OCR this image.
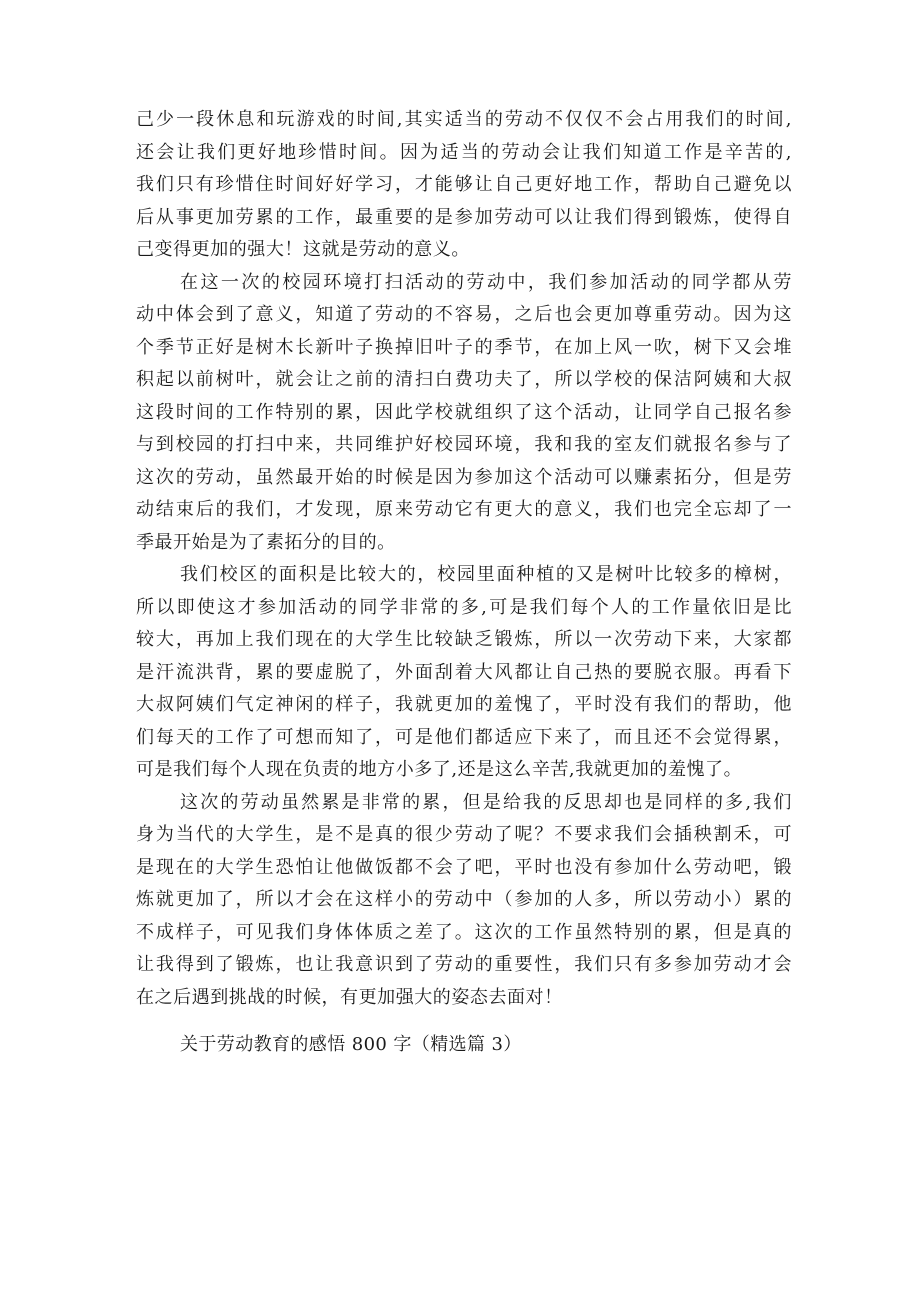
己少一段休息和玩游戏的时间,其实适当的劳动不仅仅不会占用我们的时间,
还会让我们更好地珍惜时间。因为适当的劳动会让我们知道工作是辛苦的,
我们只有珍惜住时间好好学习，才能够让自己更好地工作，帮助自己避免以
后从事更加劳累的工作，最重要的是参加劳动可以让我们得到锻炼，使得自
己变得更加的强大！这就是劳动的意义。
在这一次的校园环境打扫活动的劳动中，我们参加活动的同学都从劳
动中体会到了意义，知道了劳动的不容易，之后也会更加尊重劳动。因为这
个季节正好是树木长新叶子换掉旧叶子的季节，在加上风一吹，树下又会堆
积起以前树叶，就会让之前的清扫白费功夫了，所以学校的保洁阿姨和大叔
这段时间的工作特别的累，因此学校就组织了这个活动，让同学自己报名参
与到校园的打扫中来，共同维护好校园环境，我和我的室友们就报名参与了
这次的劳动，虽然最开始的时候是因为参加这个活动可以赚素拓分，但是劳
动结束后的我们，才发现，原来劳动它有更大的意义，我们也完全忘却了一
季最开始是为了素拓分的目的。
我们校区的面积是比较大的，校园里面种植的又是树叶比较多的樟树，
所以即使这才参加活动的同学非常的多,可是我们每个人的工作量依旧是比
较大，再加上我们现在的大学生比较缺乏锻炼，所以一次劳动下来，大家都
是汗流洪背，累的要虚脱了，外面刮着大风都让自己热的要脱衣服。再看下
大叔阿姨们气定神闲的样子，我就更加的羞愧了，平时没有我们的帮助，他
们每天的工作了可想而知了，可是他们都适应下来了，而且还不会觉得累，
可是我们每个人现在负责的地方小多了,还是这么辛苦,我就更加的羞愧了。
这次的劳动虽然累是非常的累，但是给我的反思却也是同样的多,我们
身为当代的大学生，是不是真的很少劳动了呢？不要求我们会插秧割禾，可
是现在的大学生恐怕让他做饭都不会了吧，平时也没有参加什么劳动吧，锻
炼就更加了，所以才会在这样小的劳动中（参加的人多，所以劳动小）累的
不成样子，可见我们身体体质之差了。这次的工作虽然特别的累，但是真的
让我得到了锻炼，也让我意识到了劳动的重要性，我们只有多参加劳动才会
在之后遇到挑战的时候，有更加强大的姿态去面对！
关于劳动教育的感悟 800 字（精选篇 3）
